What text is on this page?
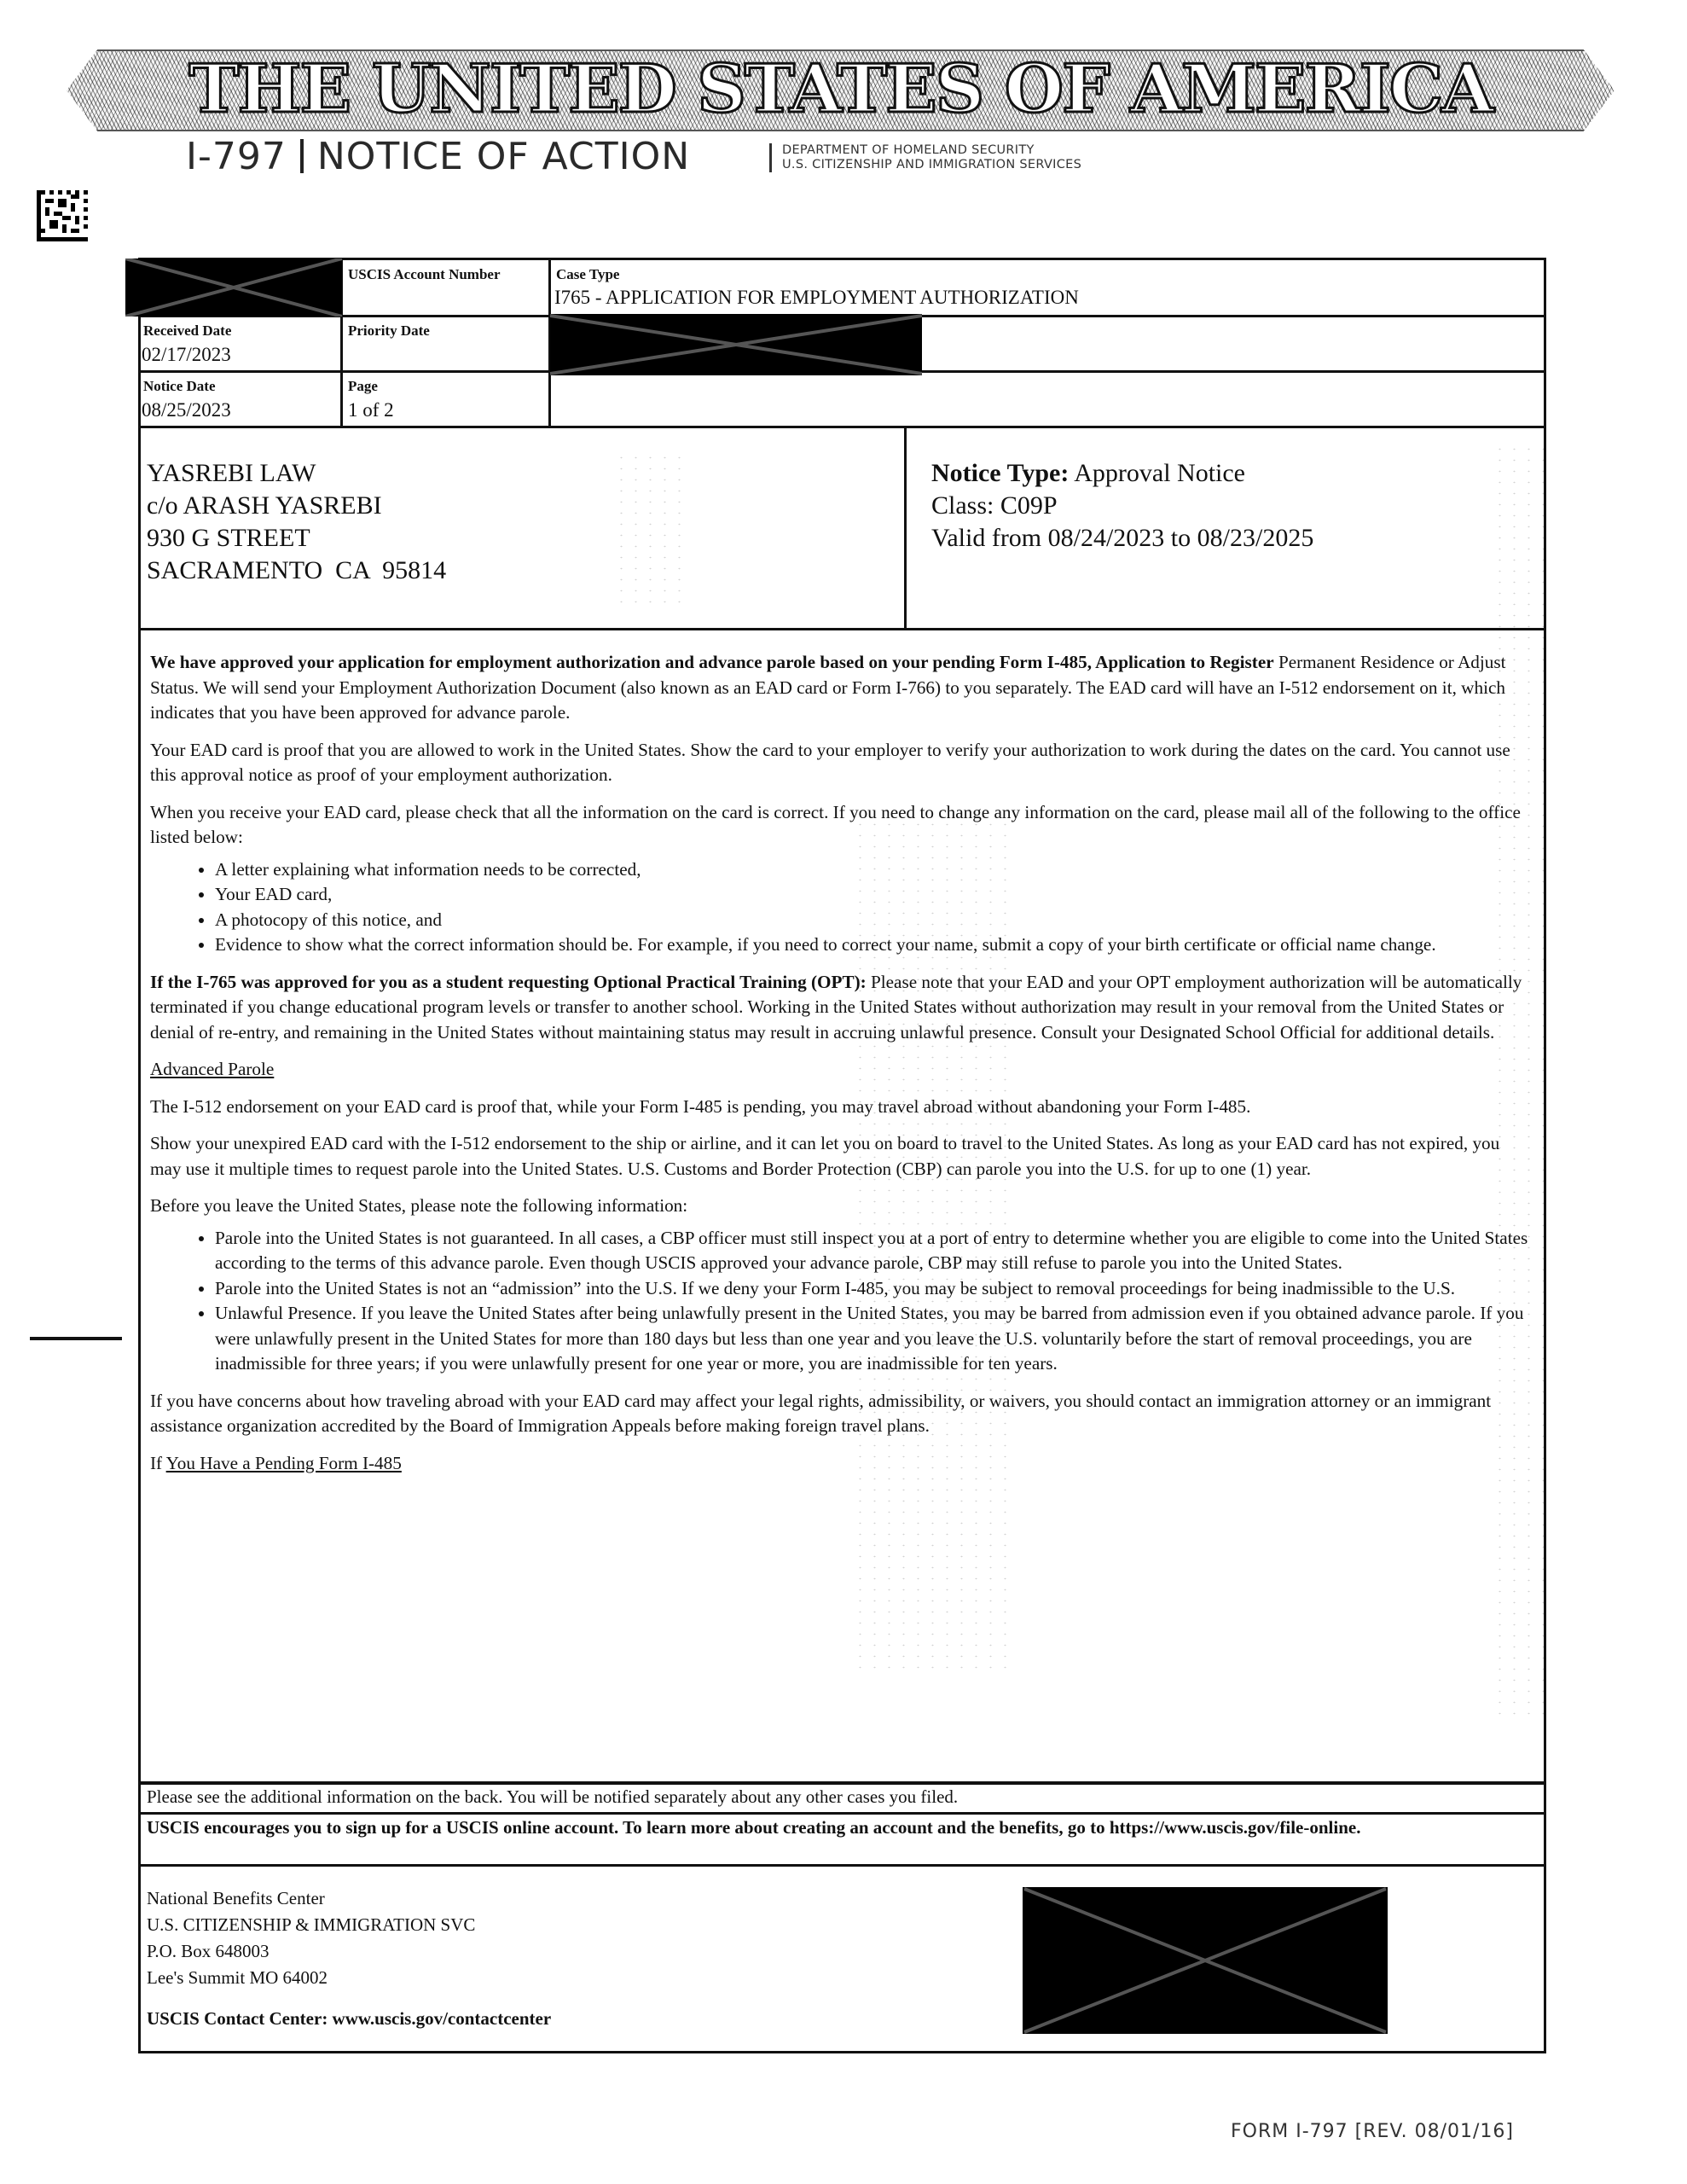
THE UNITED STATES OF AMERICA
I-797 NOTICE OF ACTION	DEPARTMENT OF HOMELAND SECURITY
U.S. CITIZENSHIP AND IMMIGRATION SERVICES
USCIS Account Number	Case Type
I765 - APPLICATION FOR EMPLOYMENT AUTHORIZATION
Received Date
02/17/2023
Priority Date
Notice Date
08/25/2023
Page
1 of 2
YASREBI LAW
c/o ARASH YASREBI
930 G STREET
SACRAMENTO  CA  95814
Notice Type: Approval Notice
Class: C09P
Valid from 08/24/2023 to 08/23/2025

We have approved your application for employment authorization and advance parole based on your pending Form I-485, Application to Register Permanent Residence or Adjust Status. We will send your Employment Authorization Document (also known as an EAD card or Form I-766) to you separately. The EAD card will have an I-512 endorsement on it, which indicates that you have been approved for advance parole.

Your EAD card is proof that you are allowed to work in the United States. Show the card to your employer to verify your authorization to work during the dates on the card. You cannot use this approval notice as proof of your employment authorization.

When you receive your EAD card, please check that all the information on the card is correct. If you need to change any information on the card, please mail all of the following to the office listed below:

• A letter explaining what information needs to be corrected,
• Your EAD card,
• A photocopy of this notice, and
• Evidence to show what the correct information should be. For example, if you need to correct your name, submit a copy of your birth certificate or official name change.

If the I-765 was approved for you as a student requesting Optional Practical Training (OPT): Please note that your EAD and your OPT employment authorization will be automatically terminated if you change educational program levels or transfer to another school. Working in the United States without authorization may result in your removal from the United States or denial of re-entry, and remaining in the United States without maintaining status may result in accruing unlawful presence. Consult your Designated School Official for additional details.

Advanced Parole

The I-512 endorsement on your EAD card is proof that, while your Form I-485 is pending, you may travel abroad without abandoning your Form I-485.

Show your unexpired EAD card with the I-512 endorsement to the ship or airline, and it can let you on board to travel to the United States. As long as your EAD card has not expired, you may use it multiple times to request parole into the United States. U.S. Customs and Border Protection (CBP) can parole you into the U.S. for up to one (1) year.

Before you leave the United States, please note the following information:

• Parole into the United States is not guaranteed. In all cases, a CBP officer must still inspect you at a port of entry to determine whether you are eligible to come into the United States according to the terms of this advance parole. Even though USCIS approved your advance parole, CBP may still refuse to parole you into the United States.
• Parole into the United States is not an “admission” into the U.S. If we deny your Form I-485, you may be subject to removal proceedings for being inadmissible to the U.S.
• Unlawful Presence. If you leave the United States after being unlawfully present in the United States, you may be barred from admission even if you obtained advance parole. If you were unlawfully present in the United States for more than 180 days but less than one year and you leave the U.S. voluntarily before the start of removal proceedings, you are inadmissible for three years; if you were unlawfully present for one year or more, you are inadmissible for ten years.

If you have concerns about how traveling abroad with your EAD card may affect your legal rights, admissibility, or waivers, you should contact an immigration attorney or an immigrant assistance organization accredited by the Board of Immigration Appeals before making foreign travel plans.

If You Have a Pending Form I-485

Please see the additional information on the back. You will be notified separately about any other cases you filed.
USCIS encourages you to sign up for a USCIS online account. To learn more about creating an account and the benefits, go to https://www.uscis.gov/file-online.
National Benefits Center
U.S. CITIZENSHIP & IMMIGRATION SVC
P.O. Box 648003
Lee's Summit MO 64002
USCIS Contact Center: www.uscis.gov/contactcenter
FORM I-797 [REV. 08/01/16]
